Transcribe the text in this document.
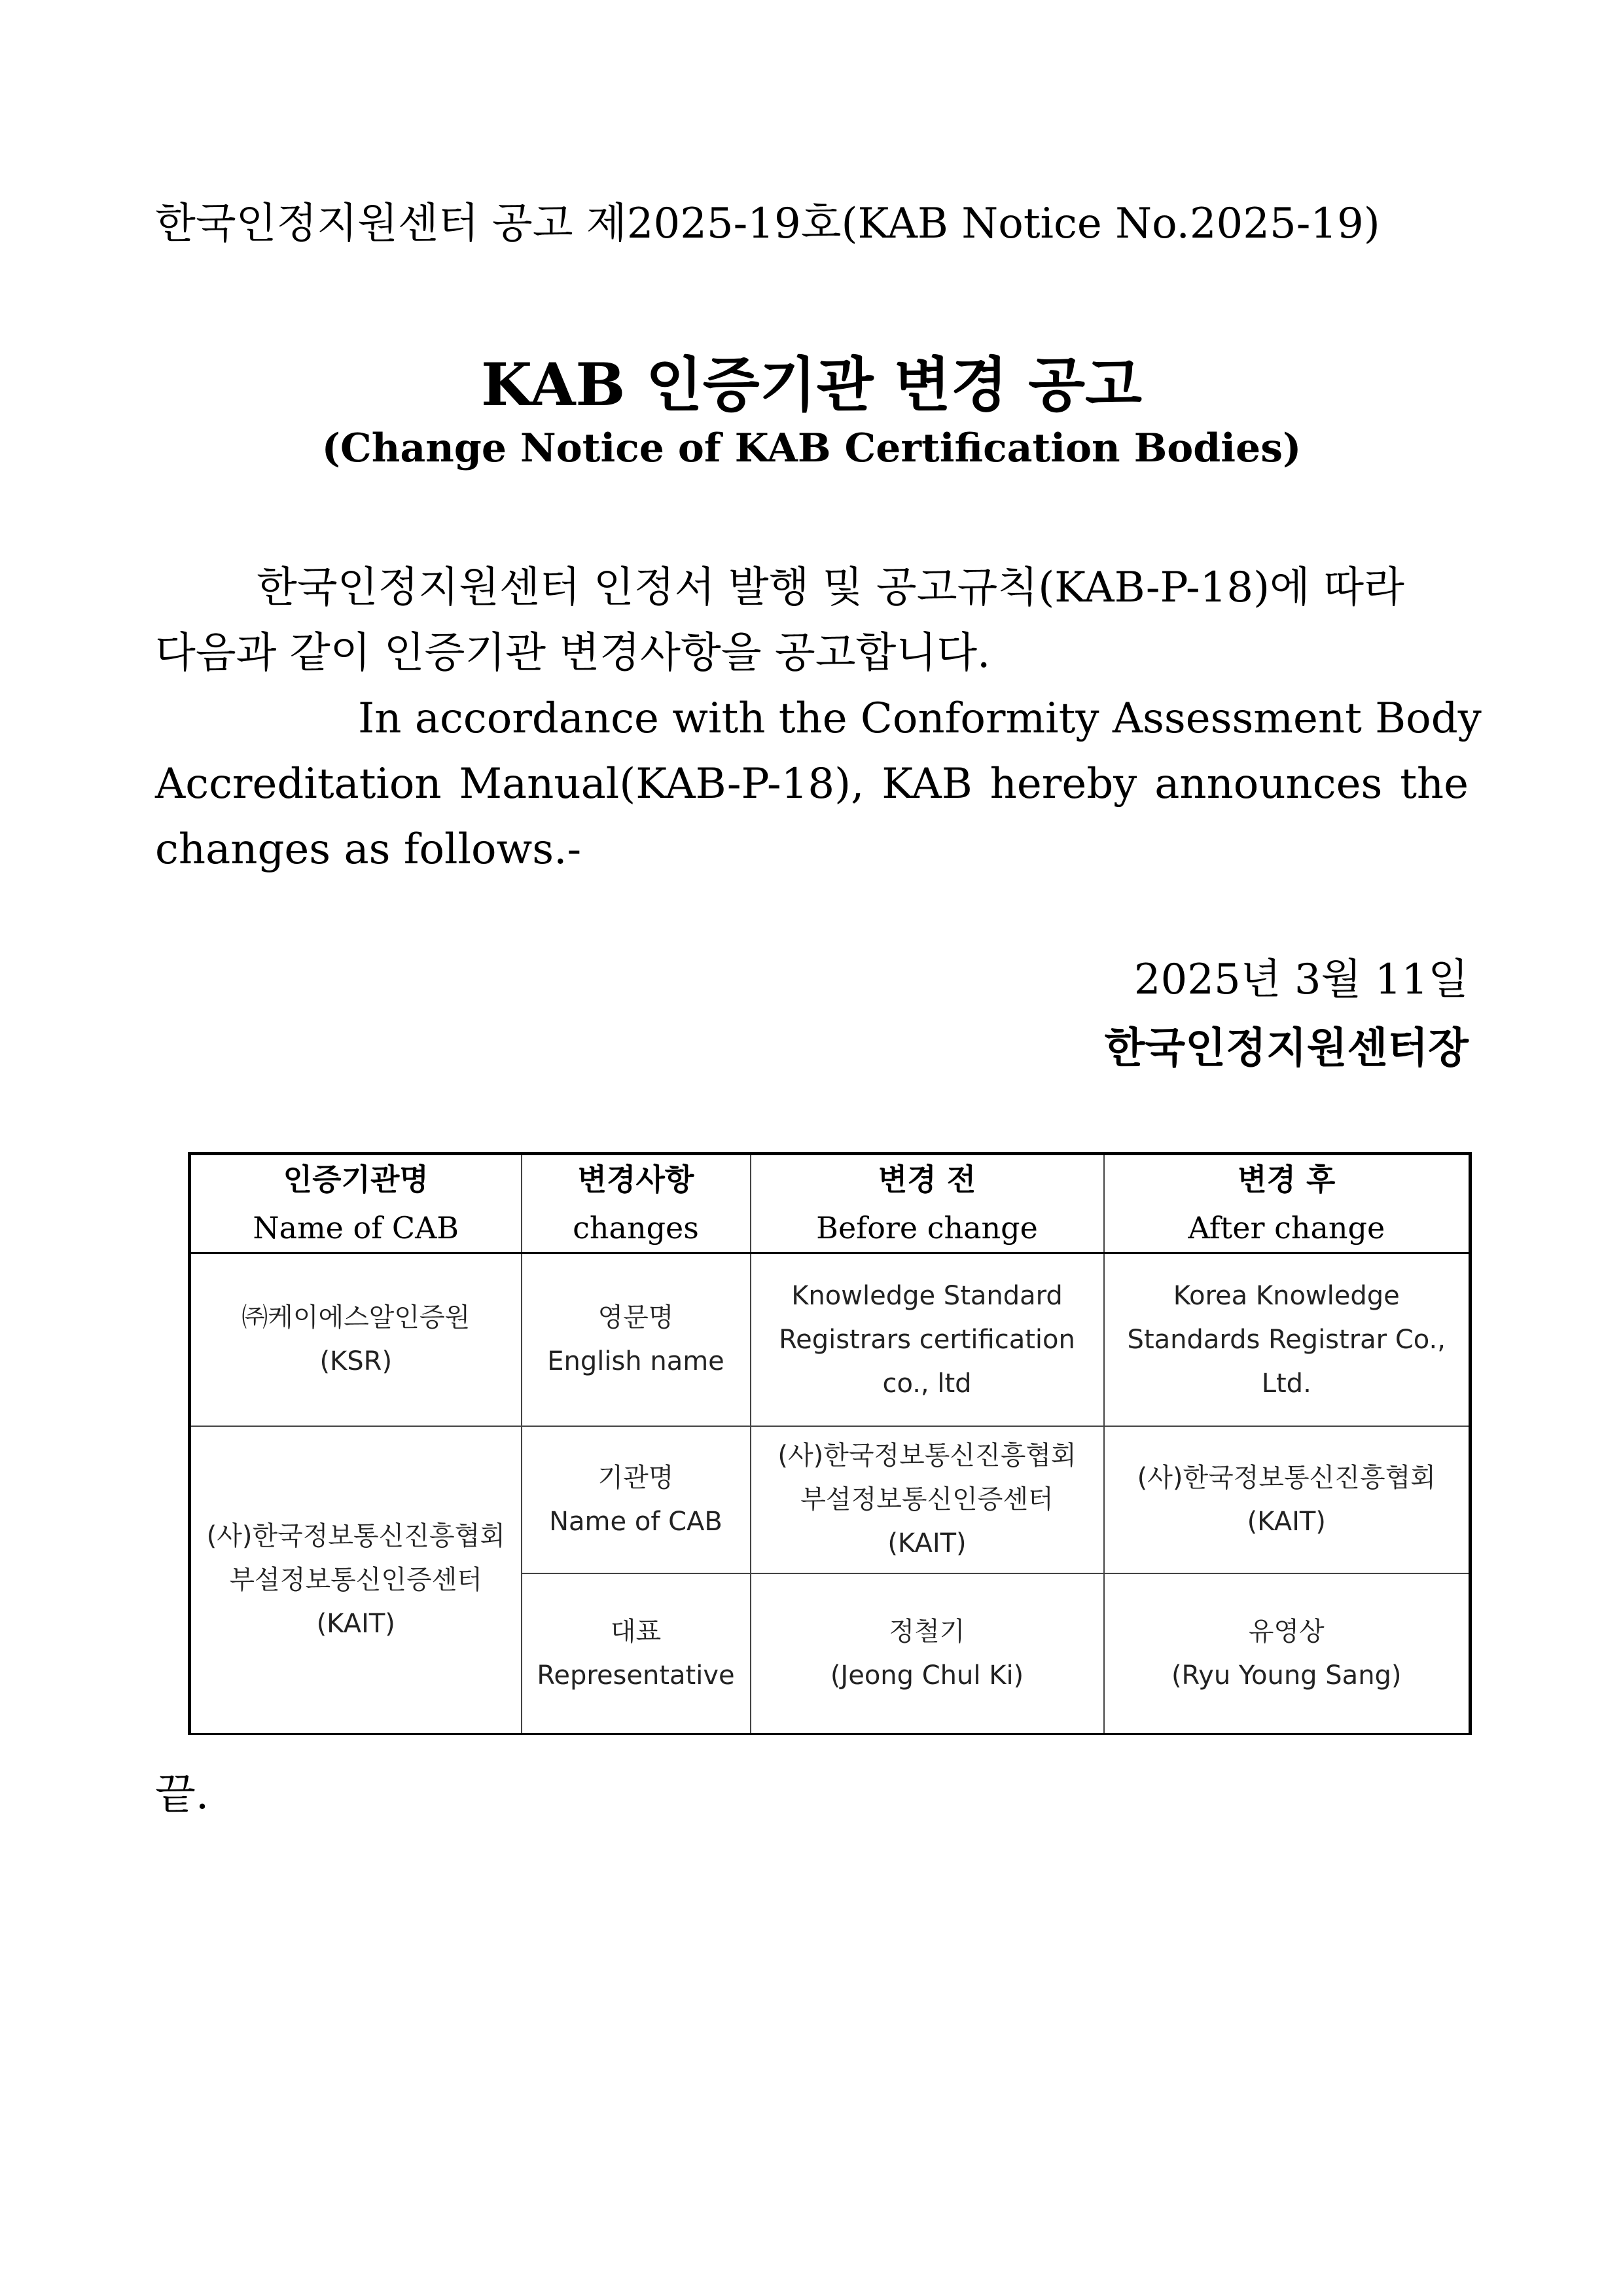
한국인정지원센터 공고 제2025-19호(KAB Notice No.2025-19)
KAB 인증기관 변경 공고
(Change Notice of KAB Certification Bodies)

한국인정지원센터 인정서 발행 및 공고규칙(KAB-P-18)에 따라

다음과 같이 인증기관 변경사항을 공고합니다.

In accordance with the Conformity Assessment Body

Accreditation Manual(KAB-P-18), KAB hereby announces the

changes as follows.-

2025년 3월 11일
한국인정지원센터장
인증기관명
Name of CAB	변경사항
changes	변경 전
Before change	변경 후
After change

㈜케이에스알인증원
(KSR)	영문명
English name	Knowledge Standard
Registrars certification
co., ltd	Korea Knowledge
Standards Registrar Co.,
Ltd.

(사)한국정보통신진흥협회
부설정보통신인증센터
(KAIT)	기관명
Name of CAB	(사)한국정보통신진흥협회
부설정보통신인증센터
(KAIT)	(사)한국정보통신진흥협회
(KAIT)

	대표
Representative	정철기
(Jeong Chul Ki)	유영상
(Ryu Young Sang)
끝.
